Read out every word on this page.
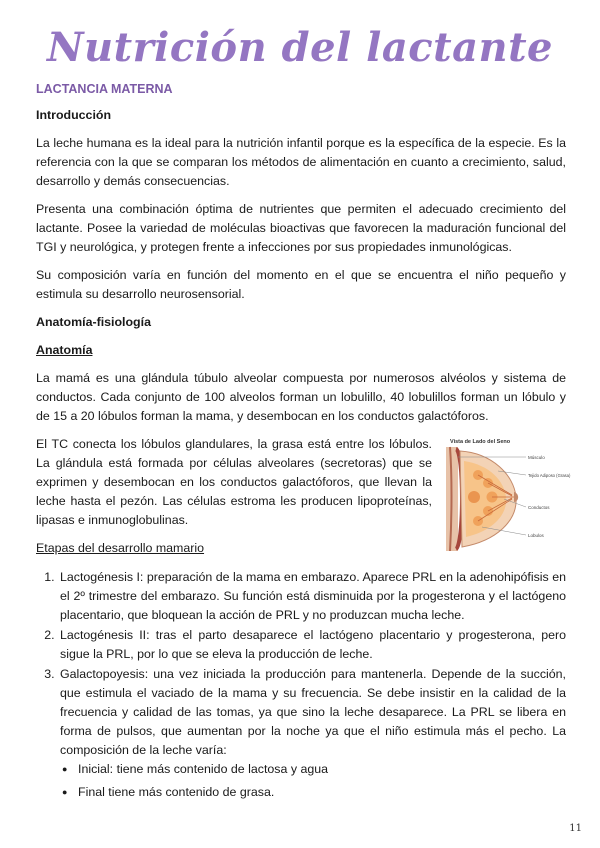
Nutrición del lactante
LACTANCIA MATERNA
Introducción

La leche humana es la ideal para la nutrición infantil porque es la específica de la especie. Es la referencia con la que se comparan los métodos de alimentación en cuanto a crecimiento, salud, desarrollo y demás consecuencias.

Presenta una combinación óptima de nutrientes que permiten el adecuado crecimiento del lactante. Posee la variedad de moléculas bioactivas que favorecen la maduración funcional del TGI y neurológica, y protegen frente a infecciones por sus propiedades inmunológicas.

Su composición varía en función del momento en el que se encuentra el niño pequeño y estimula su desarrollo neurosensorial.

Anatomía-fisiología
Anatomía

La mamá es una glándula túbulo alveolar compuesta por numerosos alvéolos y sistema de conductos. Cada conjunto de 100 alveolos forman un lobulillo, 40 lobulillos forman un lóbulo y de 15 a 20 lóbulos forman la mama, y desembocan en los conductos galactóforos.

Vista de Lado del Seno
Músculo
Tejido Adiposo (Grasa)
Conductos
Lobulos

El TC conecta los lóbulos glandulares, la grasa está entre los lóbulos. La glándula está formada por células alveolares (secretoras) que se exprimen y desembocan en los conductos galactóforos, que llevan la leche hasta el pezón. Las células estroma les producen lipoproteínas, lipasas e inmunoglobulinas.

Etapas del desarrollo mamario
1. Lactogénesis I: preparación de la mama en embarazo. Aparece PRL en la adenohipófisis en el 2º trimestre del embarazo. Su función está disminuida por la progesterona y el lactógeno placentario, que bloquean la acción de PRL y no produzcan mucha leche.
2. Lactogénesis II: tras el parto desaparece el lactógeno placentario y progesterona, pero sigue la PRL, por lo que se eleva la producción de leche.
3. Galactopoyesis: una vez iniciada la producción para mantenerla. Depende de la succión, que estimula el vaciado de la mama y su frecuencia. Se debe insistir en la calidad de la frecuencia y calidad de las tomas, ya que sino la leche desaparece. La PRL se libera en forma de pulsos, que aumentan por la noche ya que el niño estimula más el pecho. La composición de la leche varía:
● Inicial: tiene más contenido de lactosa y agua
● Final tiene más contenido de grasa.
11
